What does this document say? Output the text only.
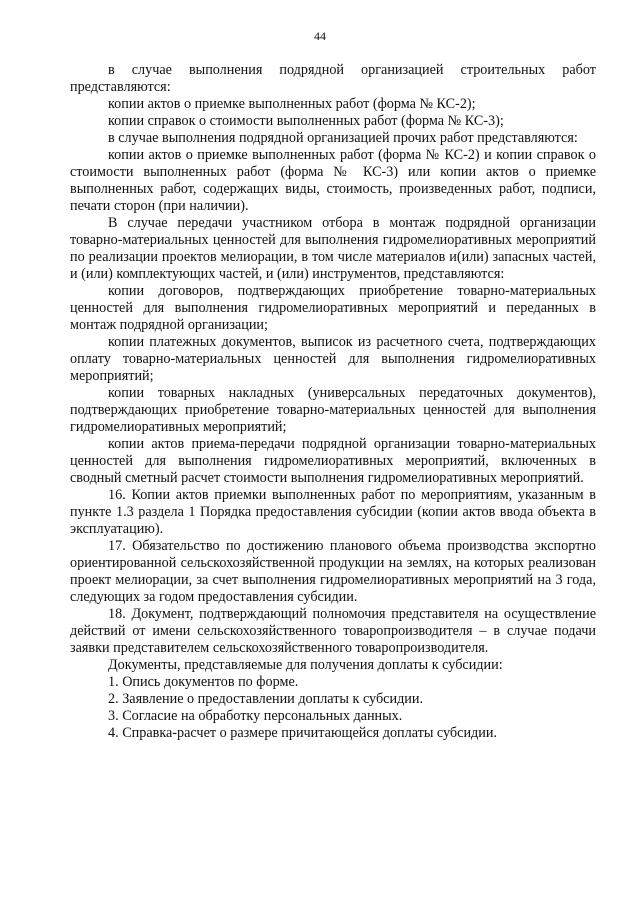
44

в случае выполнения подрядной организацией строительных работ представляются:

копии актов о приемке выполненных работ (форма № КС-2);

копии справок о стоимости выполненных работ (форма № КС-3);

в случае выполнения подрядной организацией прочих работ представляются:

копии актов о приемке выполненных работ (форма № КС-2) и копии справок о стоимости выполненных работ (форма № КС-3) или копии актов о приемке выполненных работ, содержащих виды, стоимость, произведенных работ, подписи, печати сторон (при наличии).

В случае передачи участником отбора в монтаж подрядной организации товарно-материальных ценностей для выполнения гидромелиоративных мероприятий по реализации проектов мелиорации, в том числе материалов и(или) запасных частей, и (или) комплектующих частей, и (или) инструментов, представляются:

копии договоров, подтверждающих приобретение товарно-материальных ценностей для выполнения гидромелиоративных мероприятий и переданных в монтаж подрядной организации;

копии платежных документов, выписок из расчетного счета, подтверждающих оплату товарно-материальных ценностей для выполнения гидромелиоративных мероприятий;

копии товарных накладных (универсальных передаточных документов), подтверждающих приобретение товарно-материальных ценностей для выполнения гидромелиоративных мероприятий;

копии актов приема-передачи подрядной организации товарно-материальных ценностей для выполнения гидромелиоративных мероприятий, включенных в сводный сметный расчет стоимости выполнения гидромелиоративных мероприятий.

16. Копии актов приемки выполненных работ по мероприятиям, указанным в пункте 1.3 раздела 1 Порядка предоставления субсидии (копии актов ввода объекта в эксплуатацию).

17. Обязательство по достижению планового объема производства экспортно ориентированной сельскохозяйственной продукции на землях, на которых реализован проект мелиорации, за счет выполнения гидромелиоративных мероприятий на 3 года, следующих за годом предоставления субсидии.

18. Документ, подтверждающий полномочия представителя на осуществление действий от имени сельскохозяйственного товаропроизводителя – в случае подачи заявки представителем сельскохозяйственного товаропроизводителя.

Документы, представляемые для получения доплаты к субсидии:

1. Опись документов по форме.

2. Заявление о предоставлении доплаты к субсидии.

3. Согласие на обработку персональных данных.

4. Справка-расчет о размере причитающейся доплаты субсидии.
